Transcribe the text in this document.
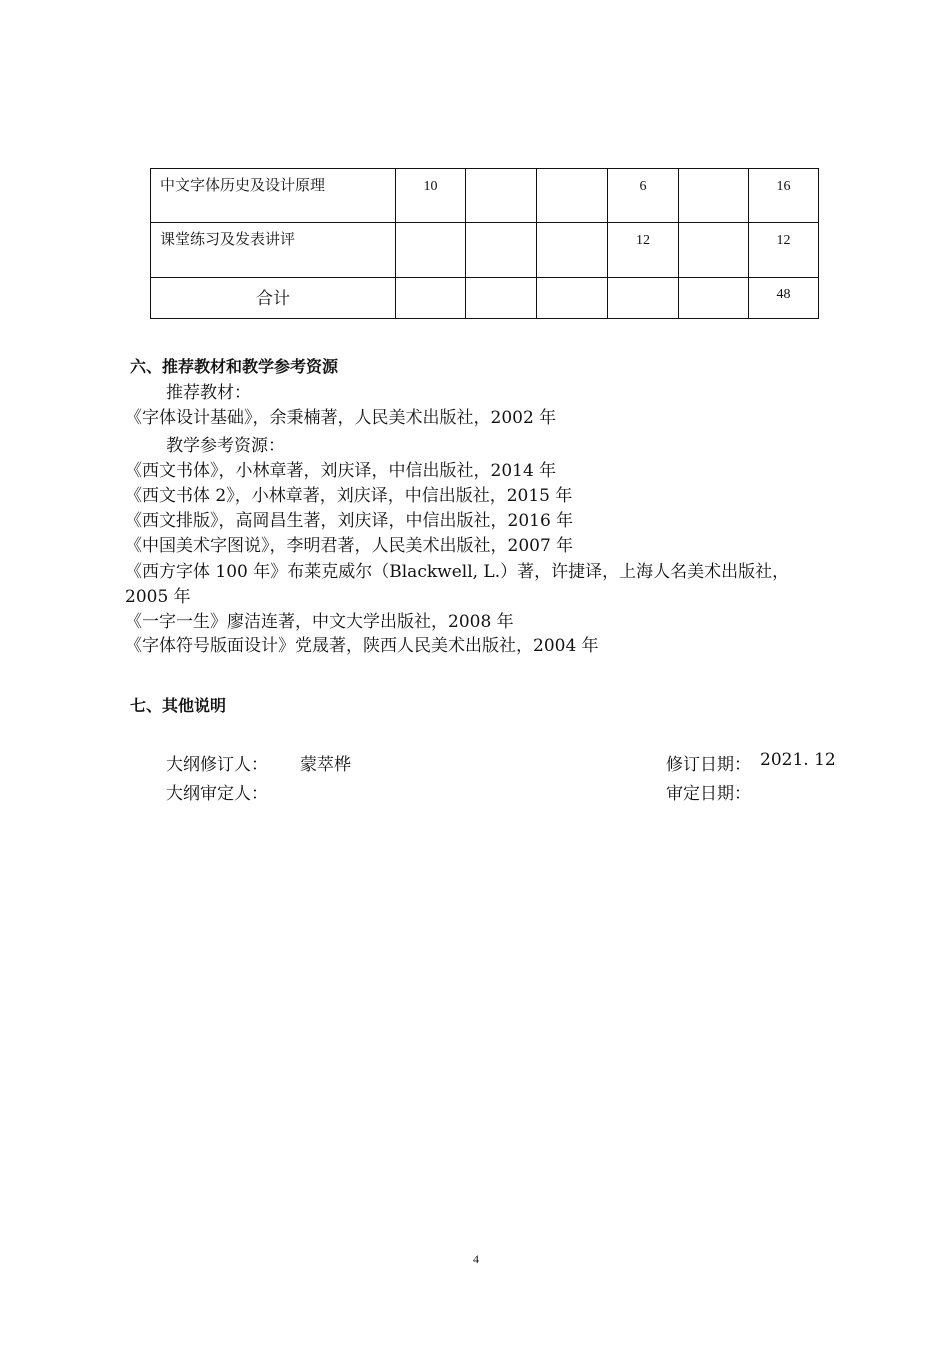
中文字体历史及设计原理	10			6		16
课堂练习及发表讲评				12		12
合计						48
六、推荐教材和教学参考资源

推荐教材：

《字体设计基础》，余秉楠著，人民美术出版社，2002 年

教学参考资源：

《西文书体》，小林章著，刘庆译，中信出版社，2014 年

《西文书体 2》，小林章著，刘庆译，中信出版社，2015 年

《西文排版》，高岡昌生著，刘庆译，中信出版社，2016 年

《中国美术字图说》，李明君著，人民美术出版社，2007 年

《西方字体 100 年》布莱克威尔（Blackwell, L.）著，许捷译，上海人名美术出版社，

2005 年

《一字一生》廖洁连著，中文大学出版社，2008 年

《字体符号版面设计》党晟著，陕西人民美术出版社，2004 年

七、其他说明
大纲修订人： 蒙萃桦	修订日期： 2021. 12
大纲审定人：	审定日期：
4
